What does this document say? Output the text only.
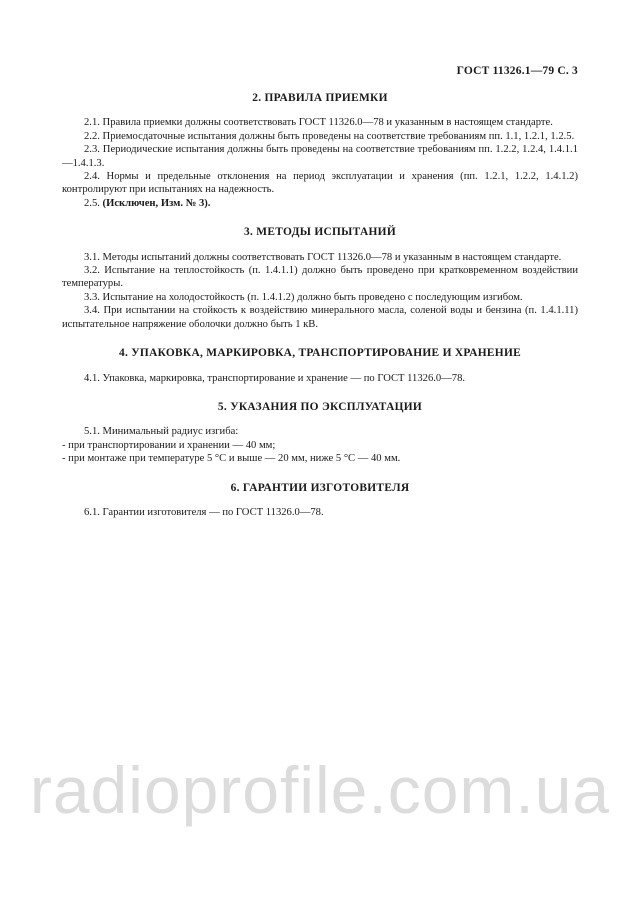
ГОСТ 11326.1—79 С. 3
2. ПРАВИЛА ПРИЕМКИ

2.1. Правила приемки должны соответствовать ГОСТ 11326.0—78 и указанным в настоящем стандарте.

2.2. Приемосдаточные испытания должны быть проведены на соответствие требованиям пп. 1.1, 1.2.1, 1.2.5.

2.3. Периодические испытания должны быть проведены на соответствие требованиям пп. 1.2.2, 1.2.4, 1.4.1.1—1.4.1.3.

2.4. Нормы и предельные отклонения на период эксплуатации и хранения (пп. 1.2.1, 1.2.2, 1.4.1.2) контролируют при испытаниях на надежность.

2.5. (Исключен, Изм. № 3).

3. МЕТОДЫ ИСПЫТАНИЙ

3.1. Методы испытаний должны соответствовать ГОСТ 11326.0—78 и указанным в настоящем стандарте.

3.2. Испытание на теплостойкость (п. 1.4.1.1) должно быть проведено при кратковременном воздействии температуры.

3.3. Испытание на холодостойкость (п. 1.4.1.2) должно быть проведено с последующим изгибом.

3.4. При испытании на стойкость к воздействию минерального масла, соленой воды и бензина (п. 1.4.1.11) испытательное напряжение оболочки должно быть 1 кВ.

4. УПАКОВКА, МАРКИРОВКА, ТРАНСПОРТИРОВАНИЕ И ХРАНЕНИЕ

4.1. Упаковка, маркировка, транспортирование и хранение — по ГОСТ 11326.0—78.

5. УКАЗАНИЯ ПО ЭКСПЛУАТАЦИИ

5.1. Минимальный радиус изгиба:

- при транспортировании и хранении — 40 мм;

- при монтаже при температуре 5 °С и выше — 20 мм, ниже 5 °С — 40 мм.

6. ГАРАНТИИ ИЗГОТОВИТЕЛЯ

6.1. Гарантии изготовителя — по ГОСТ 11326.0—78.

radioprofile.com.ua
